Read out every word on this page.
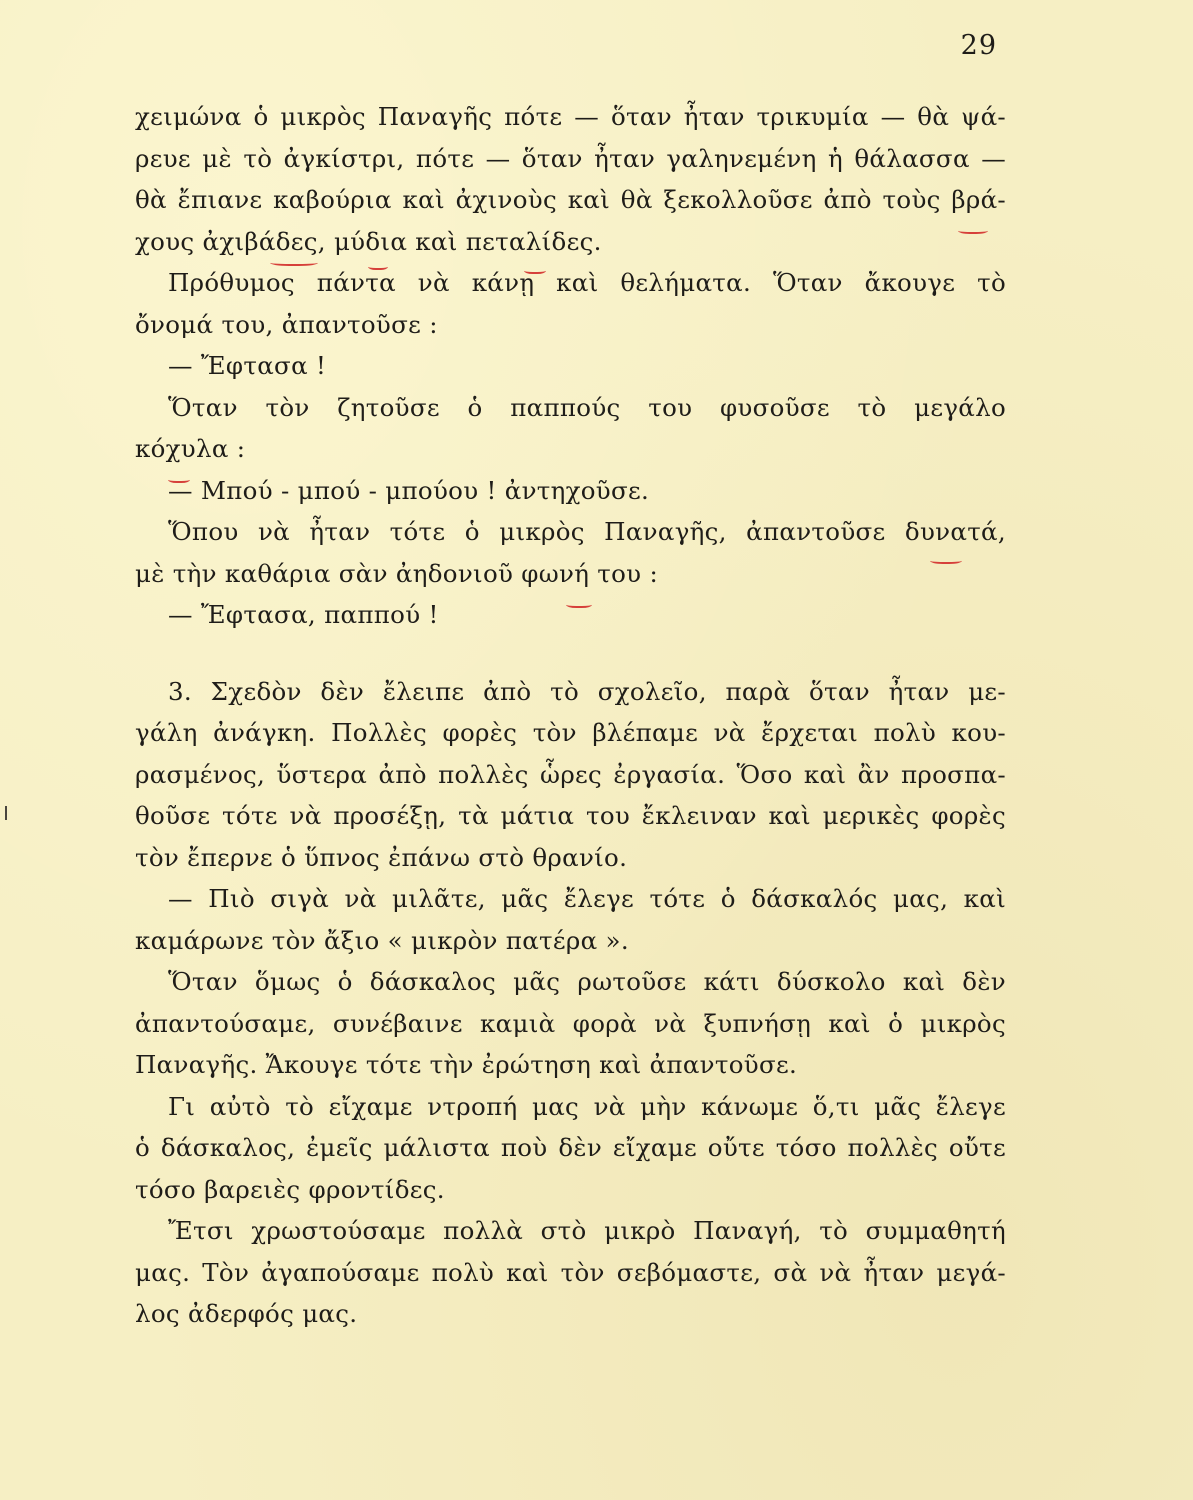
29
χειμώνα ὁ μικρὸς Παναγῆς πότε — ὅταν ἦταν τρικυμία — θὰ ψά-
ρευε μὲ τὸ ἀγκίστρι, πότε — ὅταν ἦταν γαληνεμένη ἡ θάλασσα —
θὰ ἔπιανε καβούρια καὶ ἀχινοὺς καὶ θὰ ξεκολλοῦσε ἀπὸ τοὺς βρά-
χους ἀχιβάδες, μύδια καὶ πεταλίδες.
Πρόθυμος πάντα νὰ κάνῃ καὶ θελήματα. Ὅταν ἄκουγε τὸ
ὄνομά του, ἀπαντοῦσε :
— Ἔφτασα !
Ὅταν τὸν ζητοῦσε ὁ παππούς του φυσοῦσε τὸ μεγάλο
κόχυλα :
— Μπού - μπού - μπούου ! ἀντηχοῦσε.
Ὅπου νὰ ἦταν τότε ὁ μικρὸς Παναγῆς, ἀπαντοῦσε δυνατά,
μὲ τὴν καθάρια σὰν ἀηδονιοῦ φωνή του :
— Ἔφτασα, παππού !
3. Σχεδὸν δὲν ἔλειπε ἀπὸ τὸ σχολεῖο, παρὰ ὅταν ἦταν με-
γάλη ἀνάγκη. Πολλὲς φορὲς τὸν βλέπαμε νὰ ἔρχεται πολὺ κου-
ρασμένος, ὕστερα ἀπὸ πολλὲς ὧρες ἐργασία. Ὅσο καὶ ἂν προσπα-
θοῦσε τότε νὰ προσέξῃ, τὰ μάτια του ἔκλειναν καὶ μερικὲς φορὲς
τὸν ἔπερνε ὁ ὕπνος ἐπάνω στὸ θρανίο.
— Πιὸ σιγὰ νὰ μιλᾶτε, μᾶς ἔλεγε τότε ὁ δάσκαλός μας, καὶ
καμάρωνε τὸν ἄξιο « μικρὸν πατέρα ».
Ὅταν ὅμως ὁ δάσκαλος μᾶς ρωτοῦσε κάτι δύσκολο καὶ δὲν
ἀπαντούσαμε, συνέβαινε καμιὰ φορὰ νὰ ξυπνήσῃ καὶ ὁ μικρὸς
Παναγῆς. Ἄκουγε τότε τὴν ἐρώτηση καὶ ἀπαντοῦσε.
Γι αὐτὸ τὸ εἴχαμε ντροπή μας νὰ μὴν κάνωμε ὅ,τι μᾶς ἔλεγε
ὁ δάσκαλος, ἐμεῖς μάλιστα ποὺ δὲν εἴχαμε οὔτε τόσο πολλὲς οὔτε
τόσο βαρειὲς φροντίδες.
Ἔτσι χρωστούσαμε πολλὰ στὸ μικρὸ Παναγή, τὸ συμμαθητή
μας. Τὸν ἀγαπούσαμε πολὺ καὶ τὸν σεβόμαστε, σὰ νὰ ἦταν μεγά-
λος ἀδερφός μας.
